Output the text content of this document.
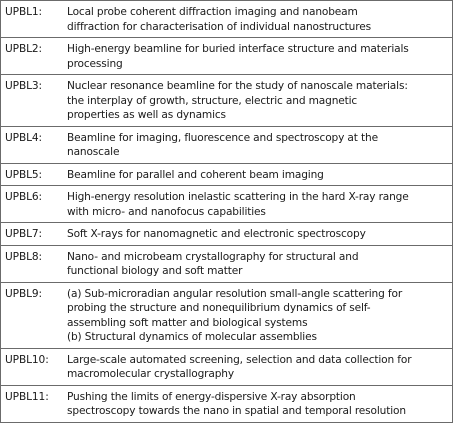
UPBL1:	Local probe coherent diffraction imaging and nanobeam
diffraction for characterisation of individual nanostructures
UPBL2:	High-energy beamline for buried interface structure and materials
processing
UPBL3:	Nuclear resonance beamline for the study of nanoscale materials:
the interplay of growth, structure, electric and magnetic
properties as well as dynamics
UPBL4:	Beamline for imaging, fluorescence and spectroscopy at the
nanoscale
UPBL5:	Beamline for parallel and coherent beam imaging
UPBL6:	High-energy resolution inelastic scattering in the hard X-ray range
with micro- and nanofocus capabilities
UPBL7:	Soft X-rays for nanomagnetic and electronic spectroscopy
UPBL8:	Nano- and microbeam crystallography for structural and
functional biology and soft matter
UPBL9:	(a) Sub-microradian angular resolution small-angle scattering for
probing the structure and nonequilibrium dynamics of self-
assembling soft matter and biological systems
(b) Structural dynamics of molecular assemblies
UPBL10:	Large-scale automated screening, selection and data collection for
macromolecular crystallography
UPBL11:	Pushing the limits of energy-dispersive X-ray absorption
spectroscopy towards the nano in spatial and temporal resolution
